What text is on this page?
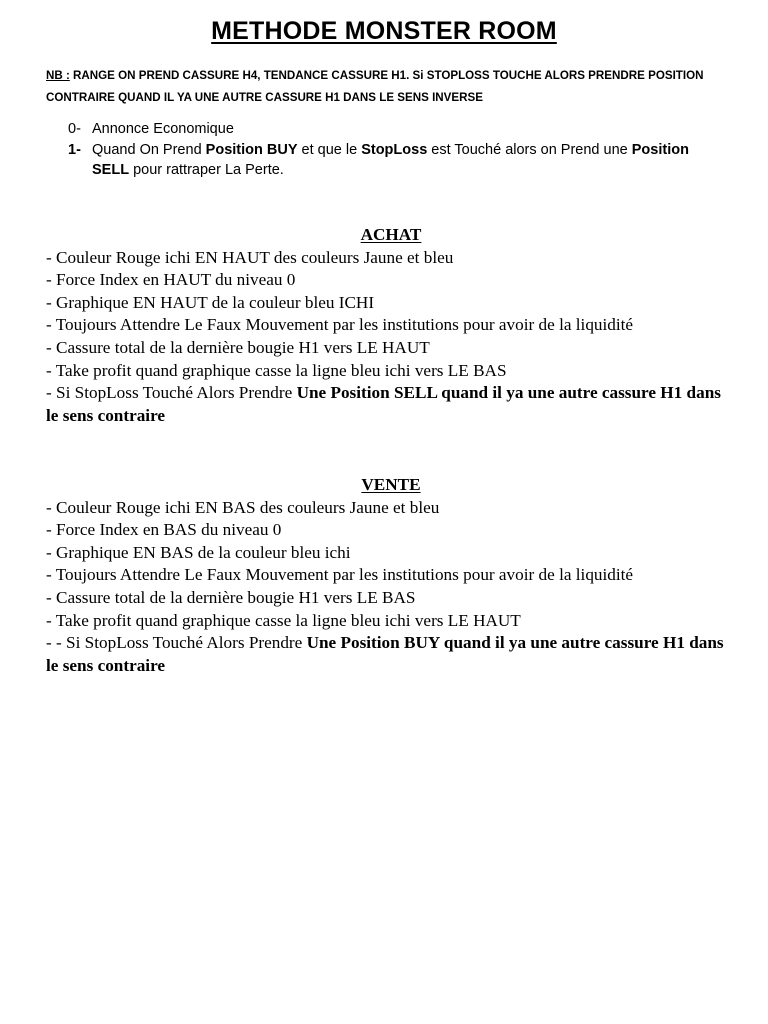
METHODE MONSTER ROOM
NB : RANGE ON PREND CASSURE H4, TENDANCE CASSURE H1. Si STOPLOSS TOUCHE ALORS PRENDRE POSITION CONTRAIRE QUAND IL YA UNE AUTRE CASSURE H1 DANS LE SENS INVERSE
0- Annonce Economique
1- Quand On Prend Position BUY et que le StopLoss est Touché alors on Prend une Position SELL pour rattraper La Perte.
ACHAT
- Couleur Rouge ichi EN HAUT des couleurs Jaune et bleu
- Force Index en HAUT du niveau 0
- Graphique EN HAUT de la couleur bleu ICHI
- Toujours Attendre Le Faux Mouvement par les institutions pour avoir de la liquidité
- Cassure total de la dernière bougie H1 vers LE HAUT
- Take profit quand graphique casse la ligne bleu ichi vers LE BAS
- Si StopLoss Touché Alors Prendre Une Position SELL quand il ya une autre cassure H1 dans le sens contraire
VENTE
- Couleur Rouge ichi EN BAS des couleurs Jaune et bleu
- Force Index en BAS du niveau 0
- Graphique EN BAS de la couleur bleu ichi
- Toujours Attendre Le Faux Mouvement par les institutions pour avoir de la liquidité
- Cassure total de la dernière bougie H1 vers LE BAS
- Take profit quand graphique casse la ligne bleu ichi vers LE HAUT
- - Si StopLoss Touché Alors Prendre Une Position BUY quand il ya une autre cassure H1 dans le sens contraire
